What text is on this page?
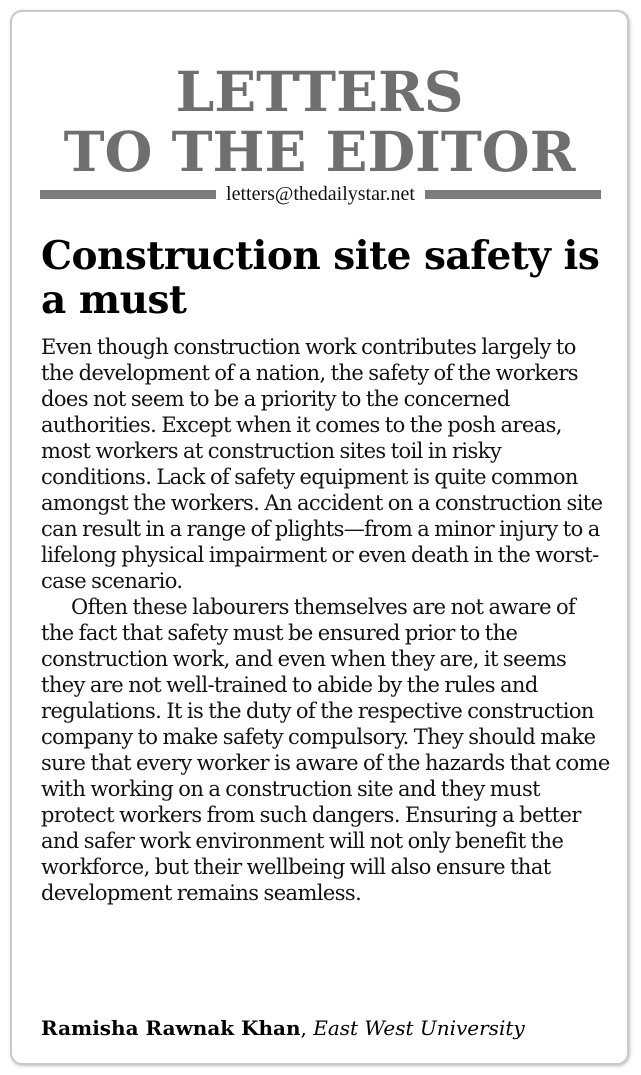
LETTERS
TO THE EDITOR
letters@thedailystar.net
Construction site safety is a must

Even though construction work contributes largely to the development of a nation, the safety of the workers does not seem to be a priority to the concerned authorities. Except when it comes to the posh areas, most workers at construction sites toil in risky conditions. Lack of safety equipment is quite common amongst the workers. An accident on a construction site can result in a range of plights—from a minor injury to a lifelong physical impairment or even death in the worst-case scenario.

Often these labourers themselves are not aware of the fact that safety must be ensured prior to the construction work, and even when they are, it seems they are not well-trained to abide by the rules and regulations. It is the duty of the respective construction company to make safety compulsory. They should make sure that every worker is aware of the hazards that come with working on a construction site and they must protect workers from such dangers. Ensuring a better and safer work environment will not only benefit the workforce, but their wellbeing will also ensure that development remains seamless.

Ramisha Rawnak Khan, East West University
